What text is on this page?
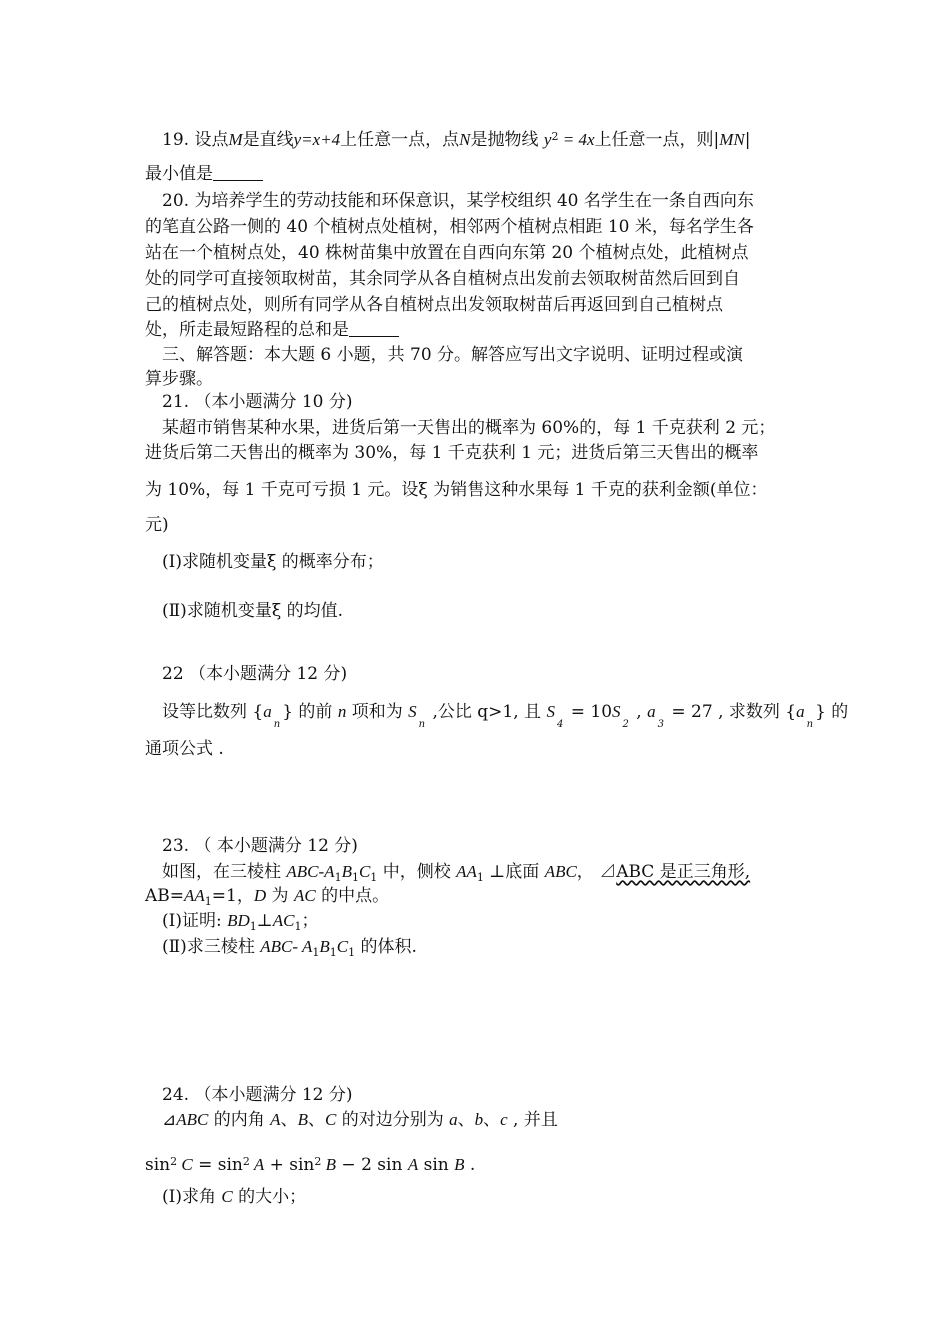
19. 设点M是直线y=x+4上任意一点，点N是抛物线 $y^2 = 4x$上任意一点，则|MN|
最小值是
20. 为培养学生的劳动技能和环保意识，某学校组织 40 名学生在一条自西向东
的笔直公路一侧的 40 个植树点处植树，相邻两个植树点相距 10 米，每名学生各
站在一个植树点处，40 株树苗集中放置在自西向东第 20 个植树点处，此植树点
处的同学可直接领取树苗，其余同学从各自植树点出发前去领取树苗然后回到自
己的植树点处，则所有同学从各自植树点出发领取树苗后再返回到自己植树点
处，所走最短路程的总和是
三、解答题：本大题 6 小题，共 70 分。解答应写出文字说明、证明过程或演
算步骤。
21. （本小题满分 10 分)
某超市销售某种水果，进货后第一天售出的概率为 60%的，每 1 千克获利 2 元；
进货后第二天售出的概率为 30%，每 1 千克获利 1 元；进货后第三天售出的概率
为 10%，每 1 千克可亏损 1 元。设ξ 为销售这种水果每 1 千克的获利金额(单位：
元)
(Ⅰ)求随机变量ξ 的概率分布；
(Ⅱ)求随机变量ξ 的均值.
22 （本小题满分 12 分)
设等比数列 $\{a_n\}$ 的前 n 项和为 $S_n$ ,公比 q>1, 且 $S_4 = 10S_2$ , $a_3 = 27$ , 求数列 $\{a_n\}$ 的
通项公式 .
23. （ 本小题满分 12 分)
如图，在三棱柱 ABC-$A_1B_1C_1$ 中，侧校 $AA_1$ ⊥底面 ABC， ⊿ABC 是正三角形,
$AB=AA_1=1$，D 为 AC 的中点。
(Ⅰ)证明: $BD_1\perp AC_1$；
(Ⅱ)求三棱柱 ABC- $A_1B_1C_1$ 的体积.
24. （本小题满分 12 分)
⊿ABC 的内角 A、B、C 的对边分别为 a、b、c , 并且
$\sin^2 C = \sin^2 A + \sin^2 B - 2$ sin A sin B .
(Ⅰ)求角 C 的大小；
